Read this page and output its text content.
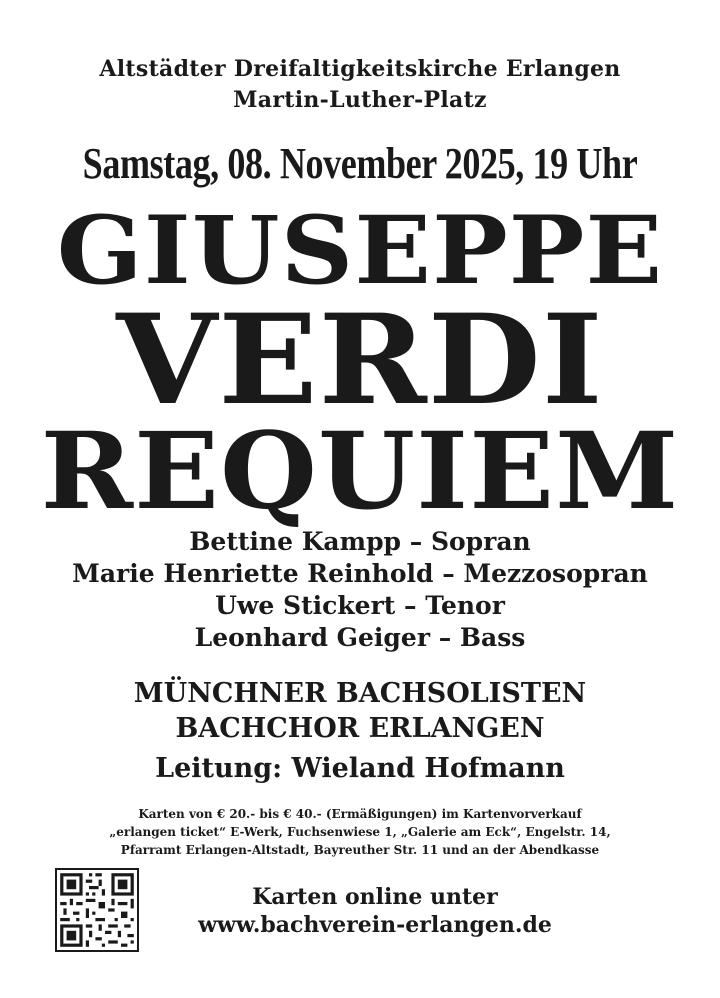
Altstädter Dreifaltigkeitskirche Erlangen
Martin-Luther-Platz
Samstag, 08. November 2025, 19 Uhr
GIUSEPPE
VERDI
REQUIEM
Bettine Kampp – Sopran
Marie Henriette Reinhold – Mezzosopran
Uwe Stickert – Tenor
Leonhard Geiger – Bass
MÜNCHNER BACHSOLISTEN
BACHCHOR ERLANGEN
Leitung: Wieland Hofmann
Karten von € 20.- bis € 40.- (Ermäßigungen) im Kartenvorverkauf
„erlangen ticket“ E-Werk, Fuchsenwiese 1, „Galerie am Eck“, Engelstr. 14,
Pfarramt Erlangen-Altstadt, Bayreuther Str. 11 und an der Abendkasse
Karten online unter
www.bachverein-erlangen.de
